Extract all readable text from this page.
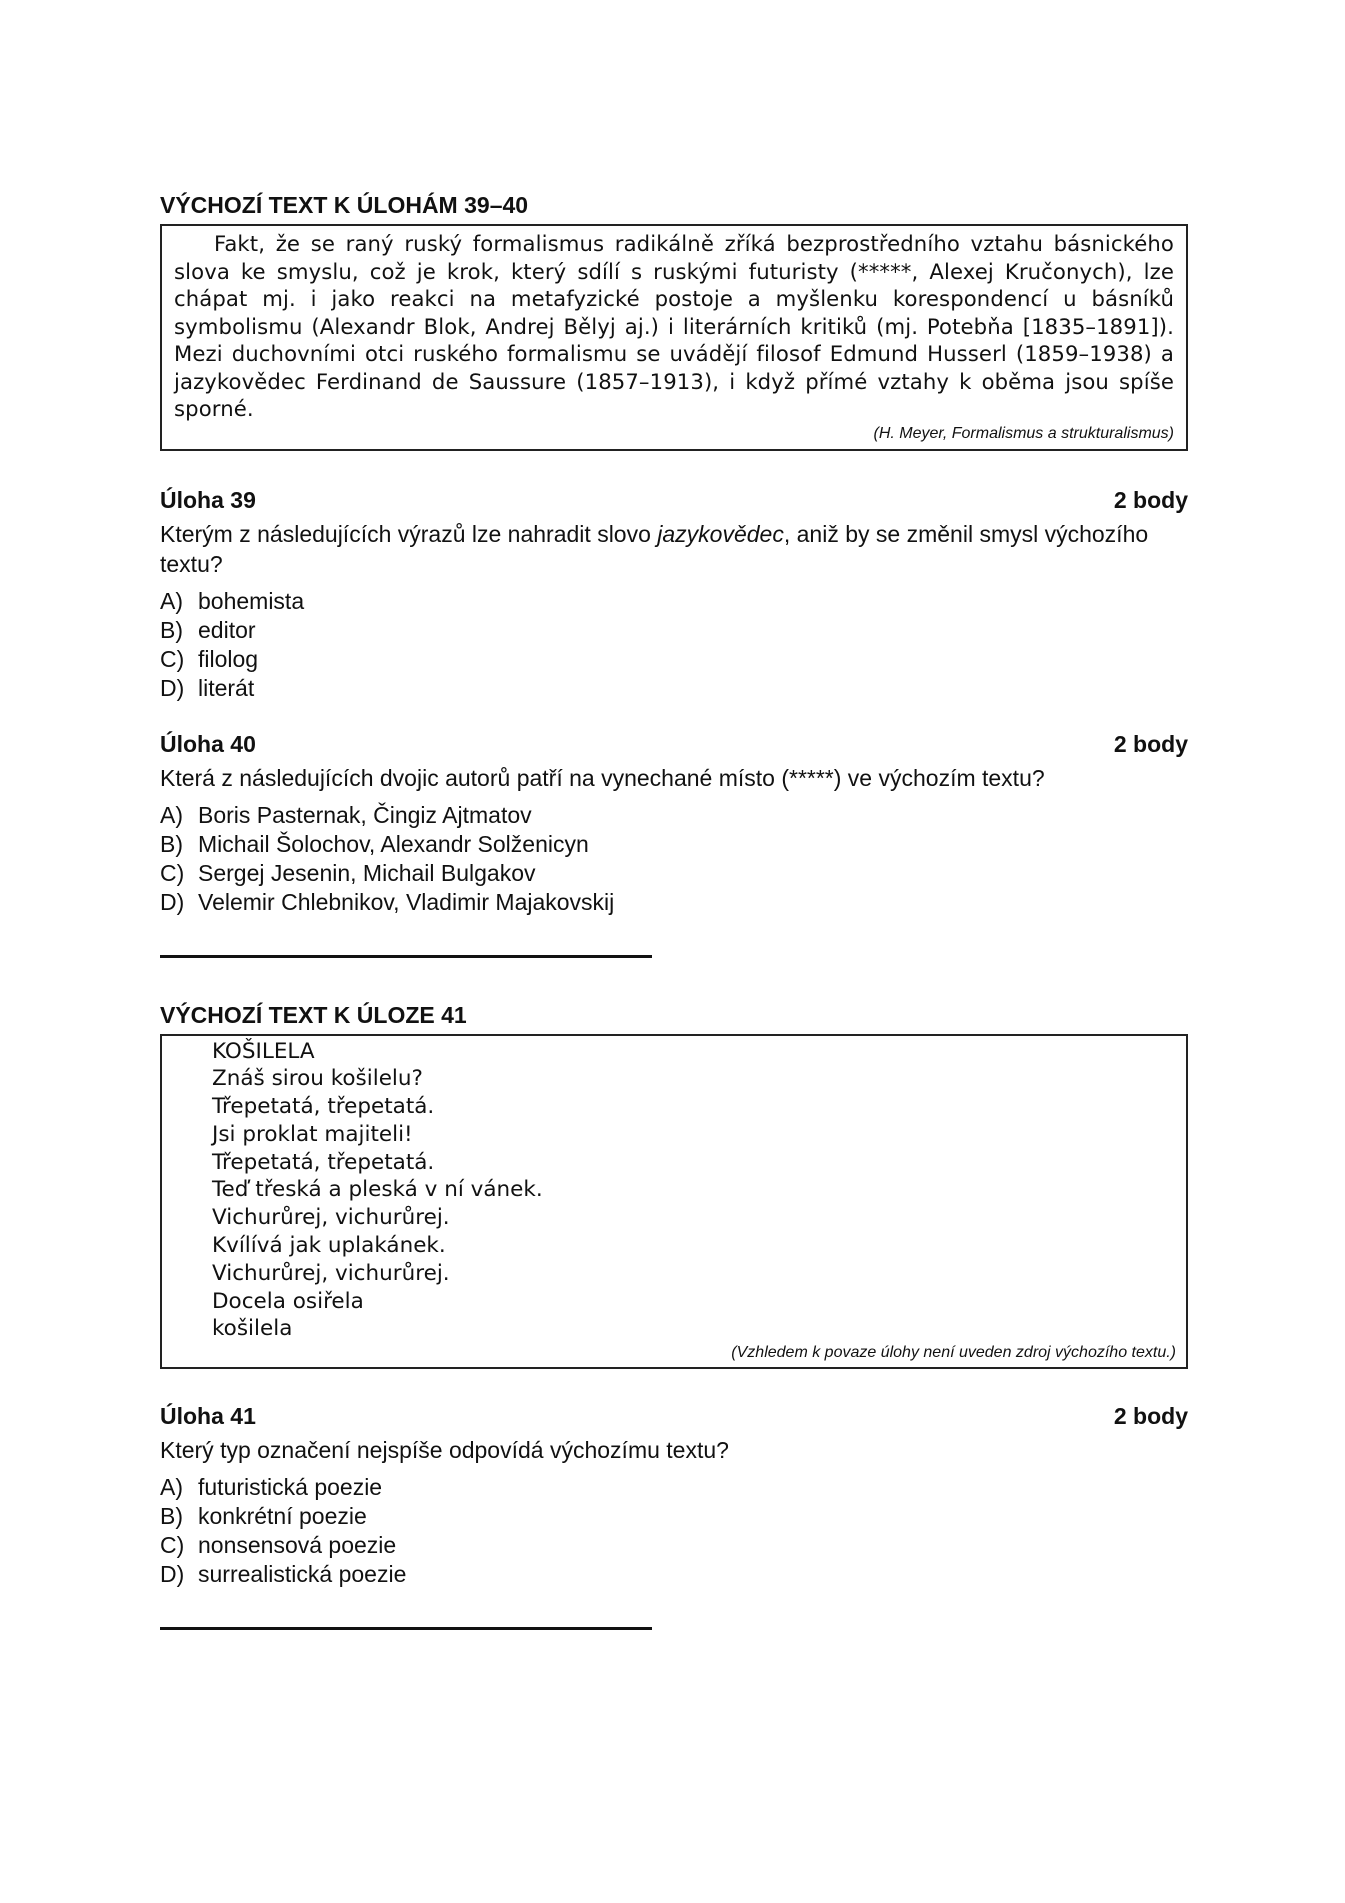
VÝCHOZÍ TEXT K ÚLOHÁM 39–40

Fakt, že se raný ruský formalismus radikálně zříká bezprostředního vztahu básnického slova ke smyslu, což je krok, který sdílí s ruskými futuristy (*****, Alexej Kručonych), lze chápat mj. i jako reakci na metafyzické postoje a myšlenku korespondencí u básníků symbolismu (Alexandr Blok, Andrej Bělyj aj.) i literárních kritiků (mj. Potebňa [1835–1891]). Mezi duchovními otci ruského formalismu se uvádějí filosof Edmund Husserl (1859–1938) a jazykovědec Ferdinand de Saussure (1857–1913), i když přímé vztahy k oběma jsou spíše sporné.

(H. Meyer, Formalismus a strukturalismus)

Úloha 39	2 body

Kterým z následujících výrazů lze nahradit slovo jazykovědec, aniž by se změnil smysl výchozího textu?

A) bohemista
B) editor
C) filolog
D) literát
Úloha 40	2 body

Která z následujících dvojic autorů patří na vynechané místo (*****) ve výchozím textu?

A) Boris Pasternak, Čingiz Ajtmatov
B) Michail Šolochov, Alexandr Solženicyn
C) Sergej Jesenin, Michail Bulgakov
D) Velemir Chlebnikov, Vladimir Majakovskij
VÝCHOZÍ TEXT K ÚLOZE 41
KOŠILELA
Znáš sirou košilelu?
Třepetatá, třepetatá.
Jsi proklat majiteli!
Třepetatá, třepetatá.
Teď třeská a pleská v ní vánek.
Vichurůrej, vichurůrej.
Kvílívá jak uplakánek.
Vichurůrej, vichurůrej.
Docela osiřela
košilela

(Vzhledem k povaze úlohy není uveden zdroj výchozího textu.)

Úloha 41	2 body

Který typ označení nejspíše odpovídá výchozímu textu?

A) futuristická poezie
B) konkrétní poezie
C) nonsensová poezie
D) surrealistická poezie
